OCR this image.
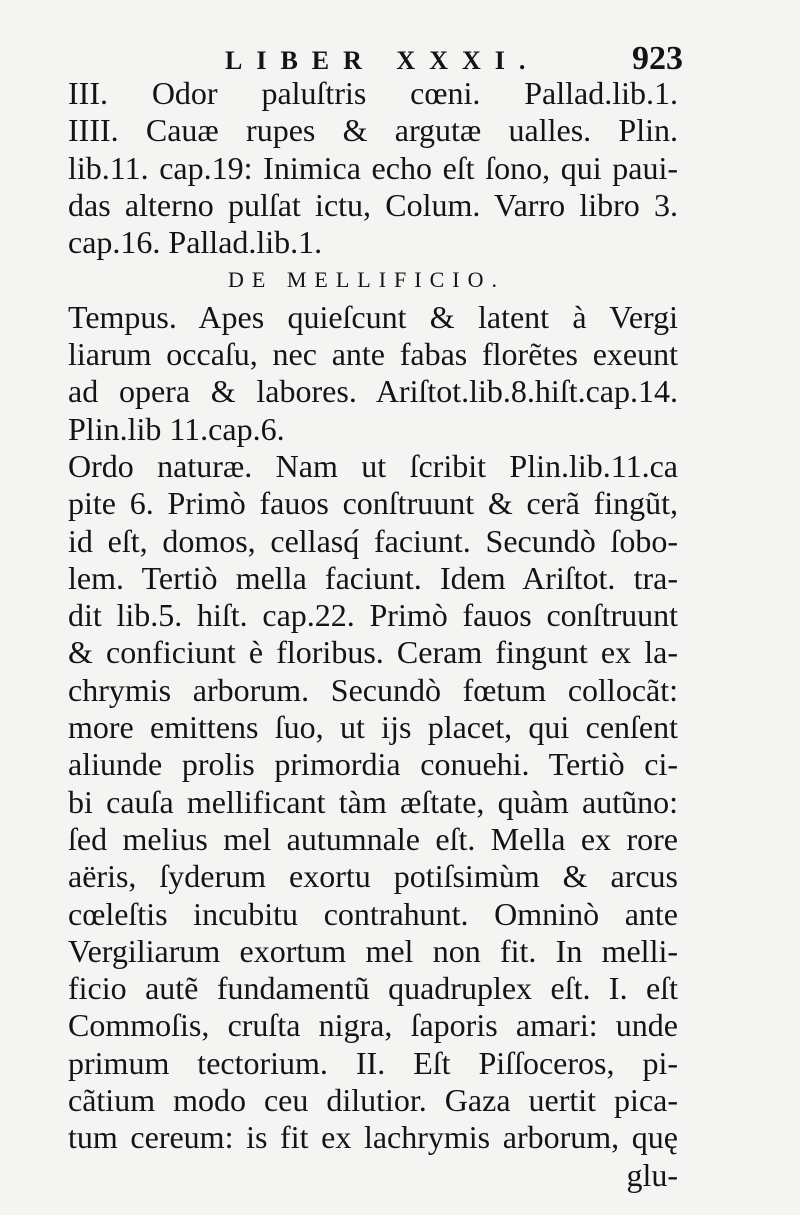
LIBER XXXI.	923
III. Odor paluſtris cœni. Pallad.lib.1.
IIII. Cauæ rupes & argutæ ualles. Plin.
lib.11. cap.19: Inimica echo eſt ſono, qui paui-
das alterno pulſat ictu, Colum. Varro libro 3.
cap.16. Pallad.lib.1.
DE MELLIFICIO.
Tempus. Apes quieſcunt & latent à Vergi
liarum occaſu, nec ante fabas florẽtes exeunt
ad opera & labores. Ariſtot.lib.8.hiſt.cap.14.
Plin.lib 11.cap.6.
Ordo naturæ. Nam ut ſcribit Plin.lib.11.ca
pite 6. Primò fauos conſtruunt & cerã fingũt,
id eſt, domos, cellasq́ faciunt. Secundò ſobo-
lem. Tertiò mella faciunt. Idem Ariſtot. tra-
dit lib.5. hiſt. cap.22. Primò fauos conſtruunt
& conficiunt è floribus. Ceram fingunt ex la-
chrymis arborum. Secundò fœtum collocãt:
more emittens ſuo, ut ijs placet, qui cenſent
aliunde prolis primordia conuehi. Tertiò ci-
bi cauſa mellificant tàm æſtate, quàm autũno:
ſed melius mel autumnale eſt. Mella ex rore
aëris, ſyderum exortu potiſsimùm & arcus
cœleſtis incubitu contrahunt. Omninò ante
Vergiliarum exortum mel non fit. In melli-
ficio autẽ fundamentũ quadruplex eſt. I. eſt
Commoſis, cruſta nigra, ſaporis amari: unde
primum tectorium. II. Eſt Piſſoceros, pi-
cãtium modo ceu dilutior. Gaza uertit pica-
tum cereum: is fit ex lachrymis arborum, quę
glu-
